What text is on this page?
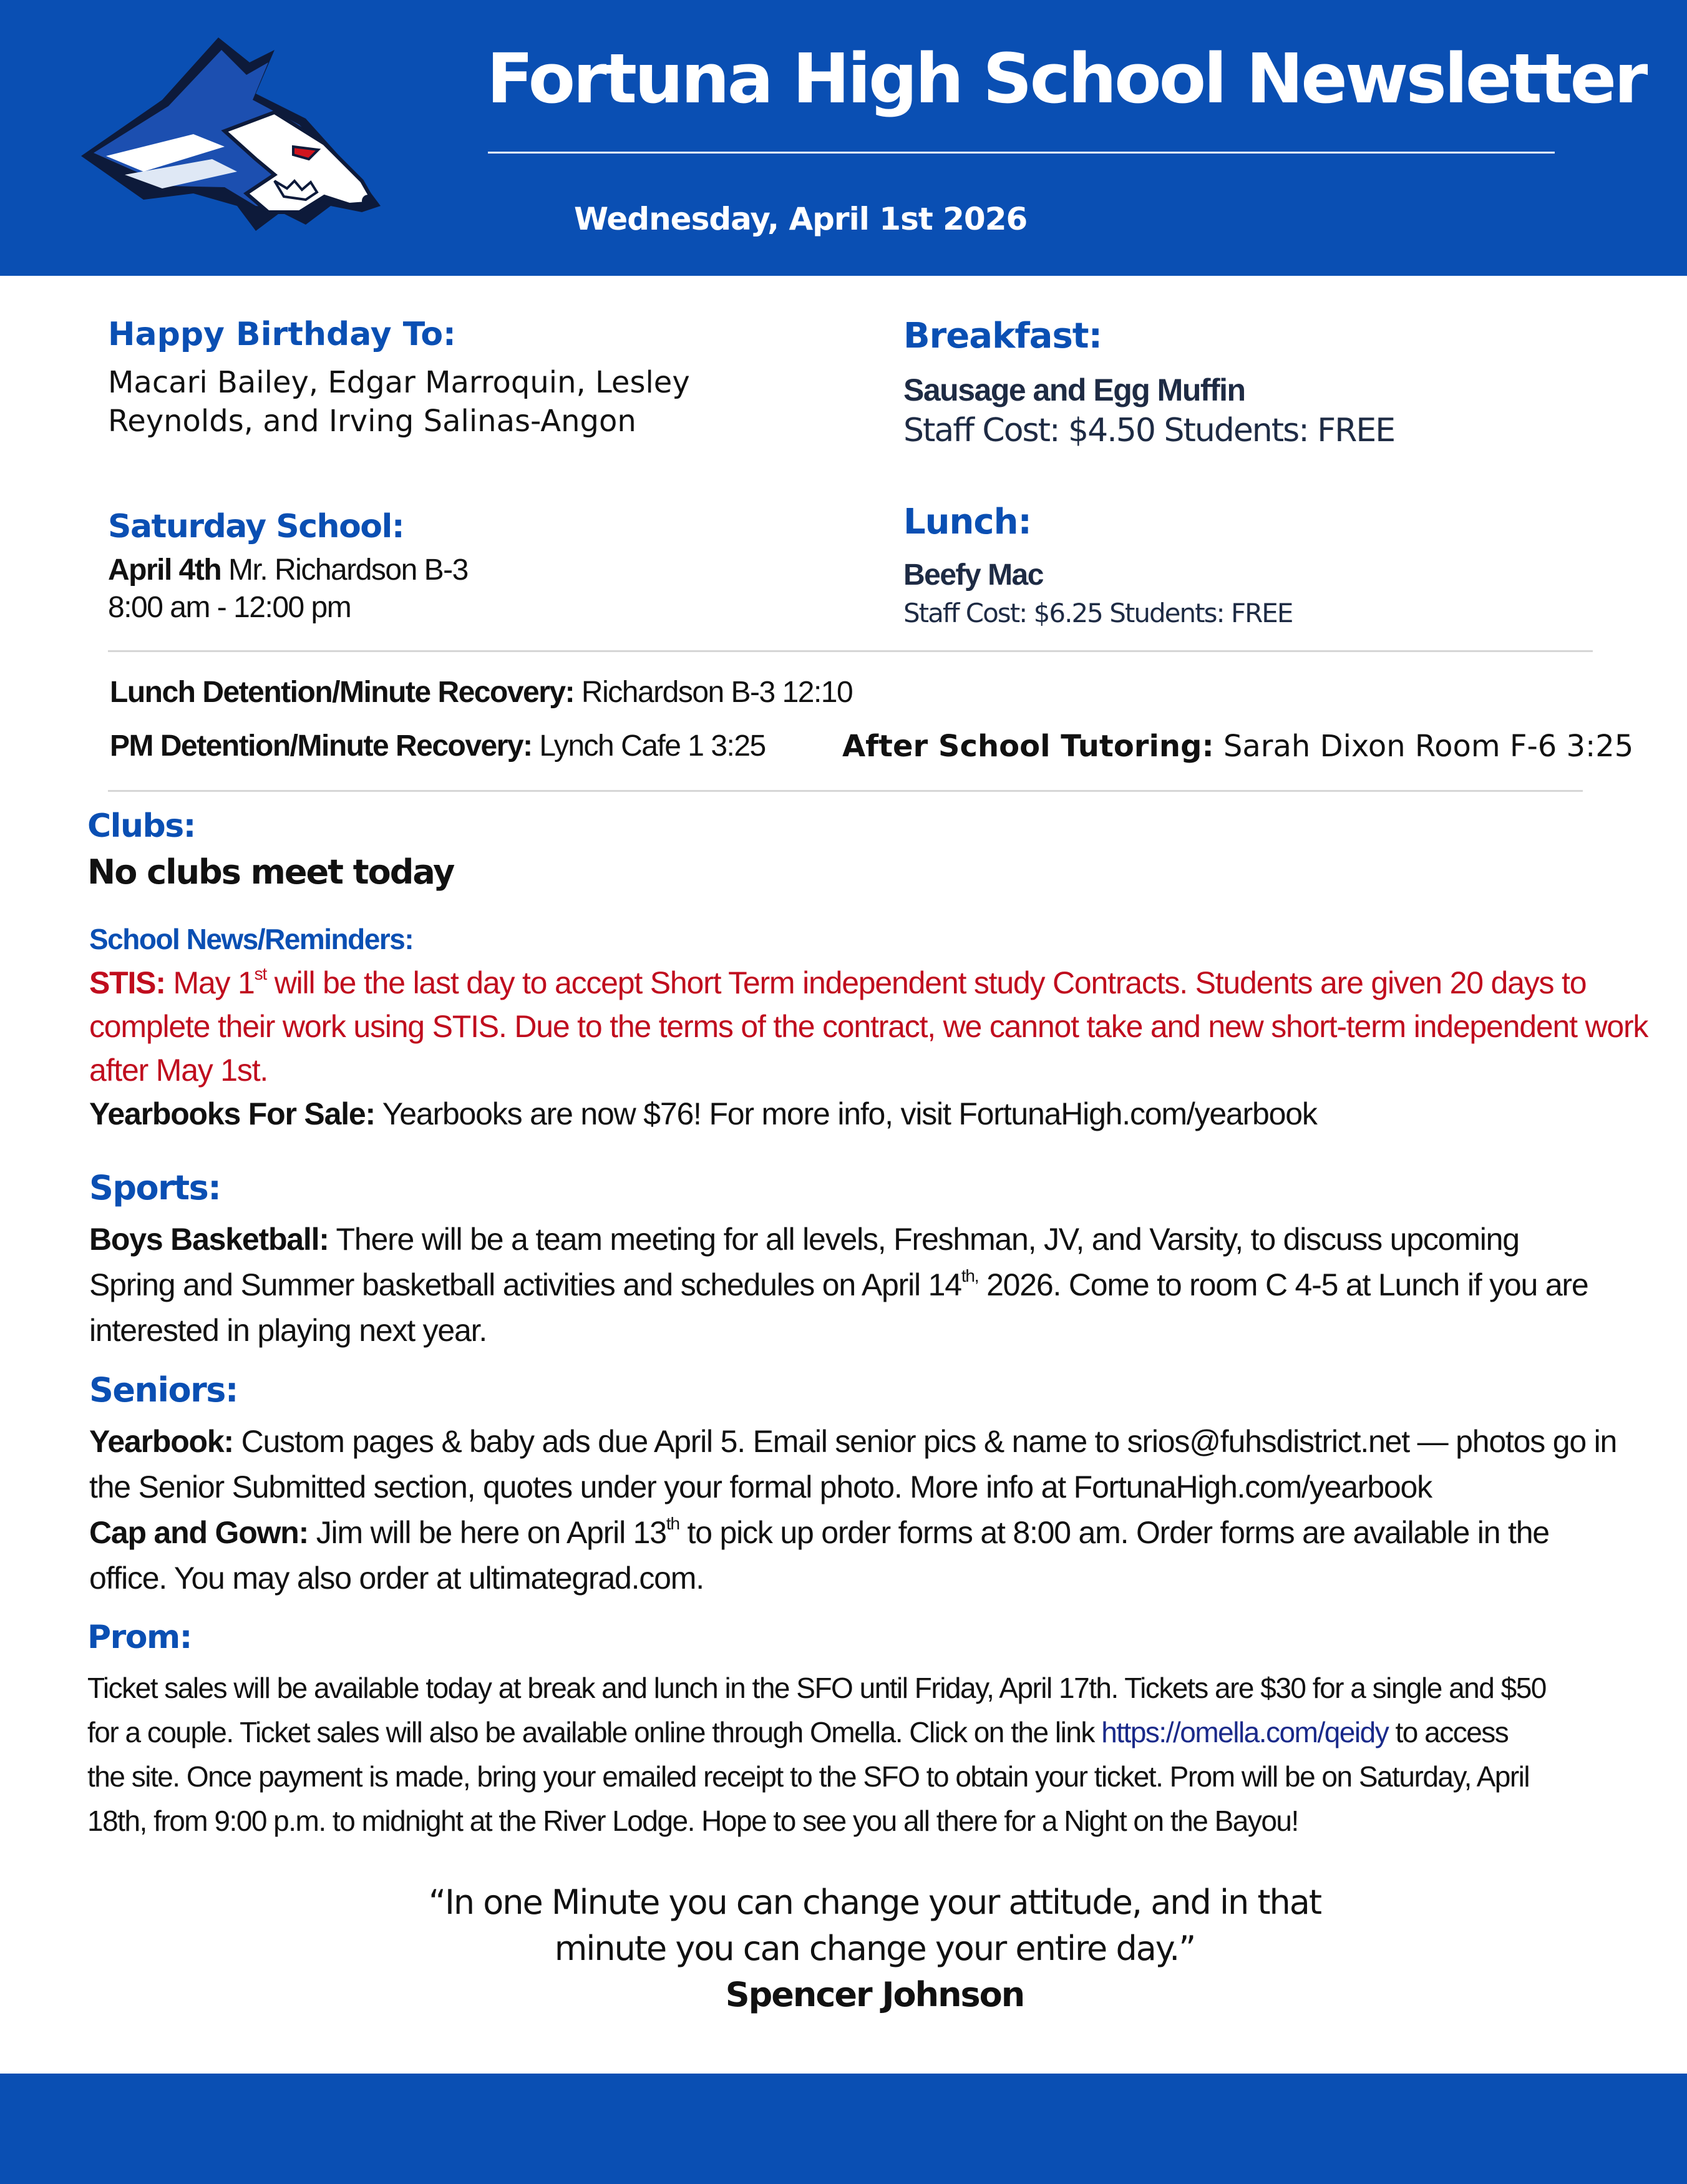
Fortuna High School Newsletter
Wednesday, April 1st 2026
Happy Birthday To:
Macari Bailey, Edgar Marroquin, Lesley
Reynolds, and Irving Salinas-Angon
Breakfast:
Sausage and Egg Muffin
Staff Cost: $4.50 Students: FREE
Saturday School:
April 4th Mr. Richardson B-3
8:00 am - 12:00 pm
Lunch:
Beefy Mac
Staff Cost: $6.25 Students: FREE
Lunch Detention/Minute Recovery: Richardson B-3 12:10
PM Detention/Minute Recovery: Lynch Cafe 1 3:25	After School Tutoring: Sarah Dixon Room F-6 3:25
Clubs:
No clubs meet today
School News/Reminders:
STIS: May 1st will be the last day to accept Short Term independent study Contracts. Students are given 20 days to
complete their work using STIS. Due to the terms of the contract, we cannot take and new short-term independent work
after May 1st.
Yearbooks For Sale: Yearbooks are now $76! For more info, visit FortunaHigh.com/yearbook
Sports:
Boys Basketball: There will be a team meeting for all levels, Freshman, JV, and Varsity, to discuss upcoming
Spring and Summer basketball activities and schedules on April $14^{th,}$ 2026. Come to room C 4-5 at Lunch if you are
interested in playing next year.
Seniors:
Yearbook: Custom pages & baby ads due April 5. Email senior pics & name to srios@fuhsdistrict.net — photos go in
the Senior Submitted section, quotes under your formal photo. More info at FortunaHigh.com/yearbook
Cap and Gown: Jim will be here on April 13th to pick up order forms at 8:00 am. Order forms are available in the
office. You may also order at ultimategrad.com.
Prom:
Ticket sales will be available today at break and lunch in the SFO until Friday, April 17th. Tickets are $30 for a single and $50
for a couple. Ticket sales will also be available online through Omella. Click on the link https://omella.com/qeidy to access
the site. Once payment is made, bring your emailed receipt to the SFO to obtain your ticket. Prom will be on Saturday, April
18th, from 9:00 p.m. to midnight at the River Lodge. Hope to see you all there for a Night on the Bayou!
“In one Minute you can change your attitude, and in that
minute you can change your entire day.”
Spencer Johnson
